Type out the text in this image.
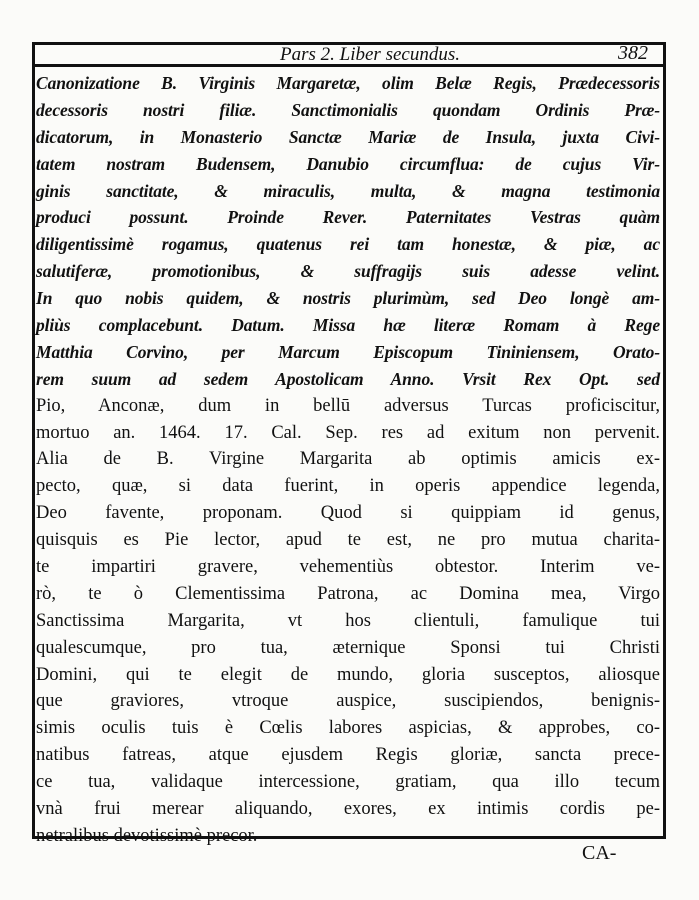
Pars 2. Liber secundus.	382
Canonizatione B. Virginis Margaretæ, olim Belæ Regis, Prædecessoris
decessoris nostri filiæ. Sanctimonialis quondam Ordinis Præ-
dicatorum, in Monasterio Sanctæ Mariæ de Insula, juxta Civi-
tatem nostram Budensem, Danubio circumflua: de cujus Vir-
ginis sanctitate, & miraculis, multa, & magna testimonia
produci possunt. Proinde Rever. Paternitates Vestras quàm
diligentissimè rogamus, quatenus rei tam honestæ, & piæ, ac
salutiferæ, promotionibus, & suffragijs suis adesse velint.
In quo nobis quidem, & nostris plurimùm, sed Deo longè am-
pliùs complacebunt. Datum. Missa hæ literæ Romam à Rege
Matthia Corvino, per Marcum Episcopum Tininiensem, Orato-
rem suum ad sedem Apostolicam Anno. Vrsit Rex Opt. sed
Pio, Anconæ, dum in bellū adversus Turcas proficiscitur,
mortuo an. 1464. 17. Cal. Sep. res ad exitum non pervenit.
Alia de B. Virgine Margarita ab optimis amicis ex-
pecto, quæ, si data fuerint, in operis appendice legenda,
Deo favente, proponam. Quod si quippiam id genus,
quisquis es Pie lector, apud te est, ne pro mutua charita-
te impartiri gravere, vehementiùs obtestor. Interim ve-
rò, te ò Clementissima Patrona, ac Domina mea, Virgo
Sanctissima Margarita, vt hos clientuli, famulique tui
qualescumque, pro tua, æternique Sponsi tui Christi
Domini, qui te elegit de mundo, gloria susceptos, aliosque
que graviores, vtroque auspice, suscipiendos, benignis-
simis oculis tuis è Cœlis labores aspicias, & approbes, co-
natibus fatreas, atque ejusdem Regis gloriæ, sancta prece-
ce tua, validaque intercessione, gratiam, qua illo tecum
vnà frui merear aliquando, exores, ex intimis cordis pe-
netralibus devotissimè precor.
CA-
